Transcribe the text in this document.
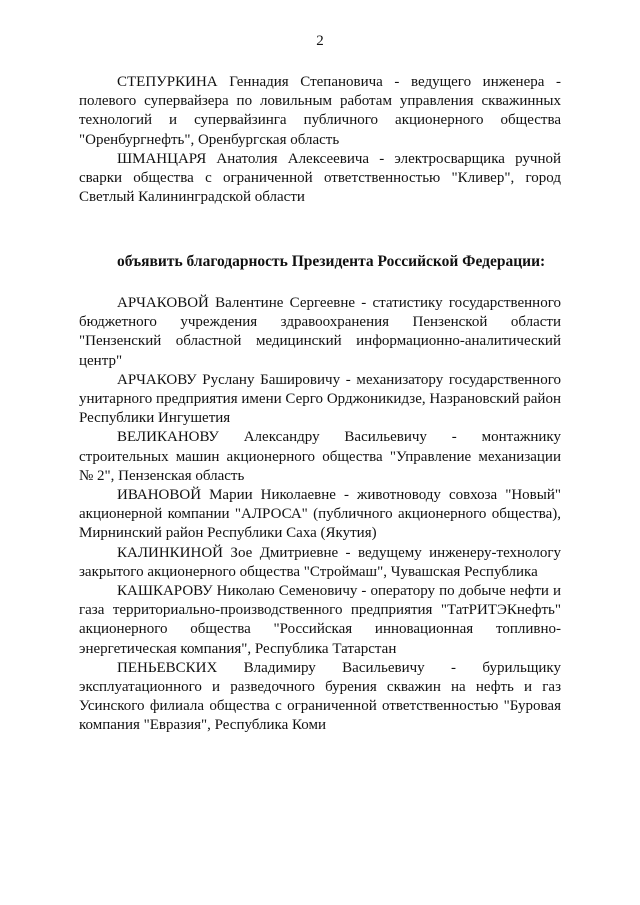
2

СТЕПУРКИНА Геннадия Степановича - ведущего инженера - полевого супервайзера по ловильным работам управления скважинных технологий и супервайзинга публичного акционерного общества "Оренбургнефть", Оренбургская область

ШМАНЦАРЯ Анатолия Алексеевича - электросварщика ручной сварки общества с ограниченной ответственностью "Кливер", город Светлый Калининградской области

объявить благодарность Президента Российской Федерации:

АРЧАКОВОЙ Валентине Сергеевне - статистику государственного бюджетного учреждения здравоохранения Пензенской области "Пензенский областной медицинский информационно-аналитический центр"

АРЧАКОВУ Руслану Башировичу - механизатору государственного унитарного предприятия имени Серго Орджоникидзе, Назрановский район Республики Ингушетия

ВЕЛИКАНОВУ Александру Васильевичу - монтажнику строительных машин акционерного общества "Управление механизации № 2", Пензенская область

ИВАНОВОЙ Марии Николаевне - животноводу совхоза "Новый" акционерной компании "АЛРОСА" (публичного акционерного общества), Мирнинский район Республики Саха (Якутия)

КАЛИНКИНОЙ Зое Дмитриевне - ведущему инженеру-технологу закрытого акционерного общества "Строймаш", Чувашская Республика

КАШКАРОВУ Николаю Семеновичу - оператору по добыче нефти и газа территориально-производственного предприятия "ТатРИТЭКнефть" акционерного общества "Российская инновационная топливно-энергетическая компания", Республика Татарстан

ПЕНЬЕВСКИХ Владимиру Васильевичу - бурильщику эксплуатационного и разведочного бурения скважин на нефть и газ Усинского филиала общества с ограниченной ответственностью "Буровая компания "Евразия", Республика Коми
